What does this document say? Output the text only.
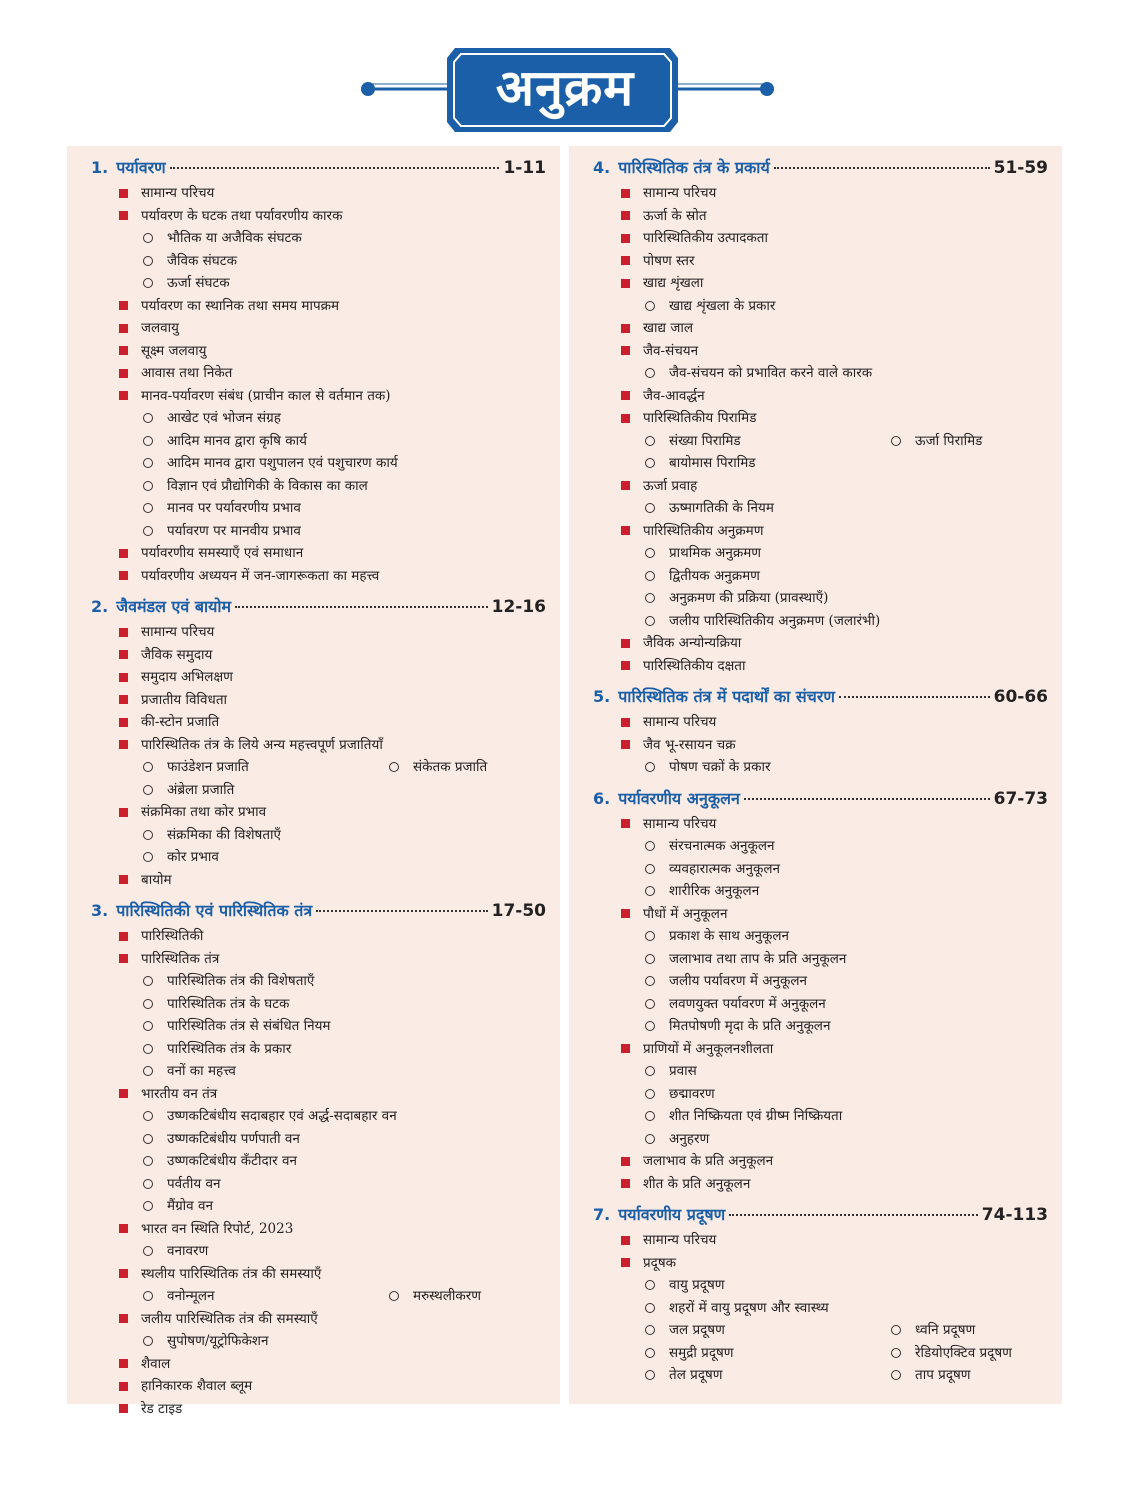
अनुक्रम
1. पर्यावरण	1-11
सामान्य परिचय
पर्यावरण के घटक तथा पर्यावरणीय कारक
भौतिक या अजैविक संघटक
जैविक संघटक
ऊर्जा संघटक
पर्यावरण का स्थानिक तथा समय मापक्रम
जलवायु
सूक्ष्म जलवायु
आवास तथा निकेत
मानव-पर्यावरण संबंध (प्राचीन काल से वर्तमान तक)
आखेट एवं भोजन संग्रह
आदिम मानव द्वारा कृषि कार्य
आदिम मानव द्वारा पशुपालन एवं पशुचारण कार्य
विज्ञान एवं प्रौद्योगिकी के विकास का काल
मानव पर पर्यावरणीय प्रभाव
पर्यावरण पर मानवीय प्रभाव
पर्यावरणीय समस्याएँ एवं समाधान
पर्यावरणीय अध्ययन में जन-जागरूकता का महत्त्व
2. जैवमंडल एवं बायोम	12-16
सामान्य परिचय
जैविक समुदाय
समुदाय अभिलक्षण
प्रजातीय विविधता
की-स्टोन प्रजाति
पारिस्थितिक तंत्र के लिये अन्य महत्त्वपूर्ण प्रजातियाँ
फाउंडेशन प्रजाति	संकेतक प्रजाति
अंब्रेला प्रजाति
संक्रमिका तथा कोर प्रभाव
संक्रमिका की विशेषताएँ
कोर प्रभाव
बायोम
3. पारिस्थितिकी एवं पारिस्थितिक तंत्र	17-50
पारिस्थितिकी
पारिस्थितिक तंत्र
पारिस्थितिक तंत्र की विशेषताएँ
पारिस्थितिक तंत्र के घटक
पारिस्थितिक तंत्र से संबंधित नियम
पारिस्थितिक तंत्र के प्रकार
वनों का महत्त्व
भारतीय वन तंत्र
उष्णकटिबंधीय सदाबहार एवं अर्द्ध-सदाबहार वन
उष्णकटिबंधीय पर्णपाती वन
उष्णकटिबंधीय कँटीदार वन
पर्वतीय वन
मैंग्रोव वन
भारत वन स्थिति रिपोर्ट, 2023
वनावरण
स्थलीय पारिस्थितिक तंत्र की समस्याएँ
वनोन्मूलन	मरुस्थलीकरण
जलीय पारिस्थितिक तंत्र की समस्याएँ
सुपोषण/यूट्रोफिकेशन
शैवाल
हानिकारक शैवाल ब्लूम
रेड टाइड
4. पारिस्थितिक तंत्र के प्रकार्य	51-59
सामान्य परिचय
ऊर्जा के स्रोत
पारिस्थितिकीय उत्पादकता
पोषण स्तर
खाद्य शृंखला
खाद्य शृंखला के प्रकार
खाद्य जाल
जैव-संचयन
जैव-संचयन को प्रभावित करने वाले कारक
जैव-आवर्द्धन
पारिस्थितिकीय पिरामिड
संख्या पिरामिड	ऊर्जा पिरामिड
बायोमास पिरामिड
ऊर्जा प्रवाह
ऊष्मागतिकी के नियम
पारिस्थितिकीय अनुक्रमण
प्राथमिक अनुक्रमण
द्वितीयक अनुक्रमण
अनुक्रमण की प्रक्रिया (प्रावस्थाएँ)
जलीय पारिस्थितिकीय अनुक्रमण (जलारंभी)
जैविक अन्योन्यक्रिया
पारिस्थितिकीय दक्षता
5. पारिस्थितिक तंत्र में पदार्थों का संचरण	60-66
सामान्य परिचय
जैव भू-रसायन चक्र
पोषण चक्रों के प्रकार
6. पर्यावरणीय अनुकूलन	67-73
सामान्य परिचय
संरचनात्मक अनुकूलन
व्यवहारात्मक अनुकूलन
शारीरिक अनुकूलन
पौधों में अनुकूलन
प्रकाश के साथ अनुकूलन
जलाभाव तथा ताप के प्रति अनुकूलन
जलीय पर्यावरण में अनुकूलन
लवणयुक्त पर्यावरण में अनुकूलन
मितपोषणी मृदा के प्रति अनुकूलन
प्राणियों में अनुकूलनशीलता
प्रवास
छद्मावरण
शीत निष्क्रियता एवं ग्रीष्म निष्क्रियता
अनुहरण
जलाभाव के प्रति अनुकूलन
शीत के प्रति अनुकूलन
7. पर्यावरणीय प्रदूषण	74-113
सामान्य परिचय
प्रदूषक
वायु प्रदूषण
शहरों में वायु प्रदूषण और स्वास्थ्य
जल प्रदूषण	ध्वनि प्रदूषण
समुद्री प्रदूषण	रेडियोएक्टिव प्रदूषण
तेल प्रदूषण	ताप प्रदूषण
